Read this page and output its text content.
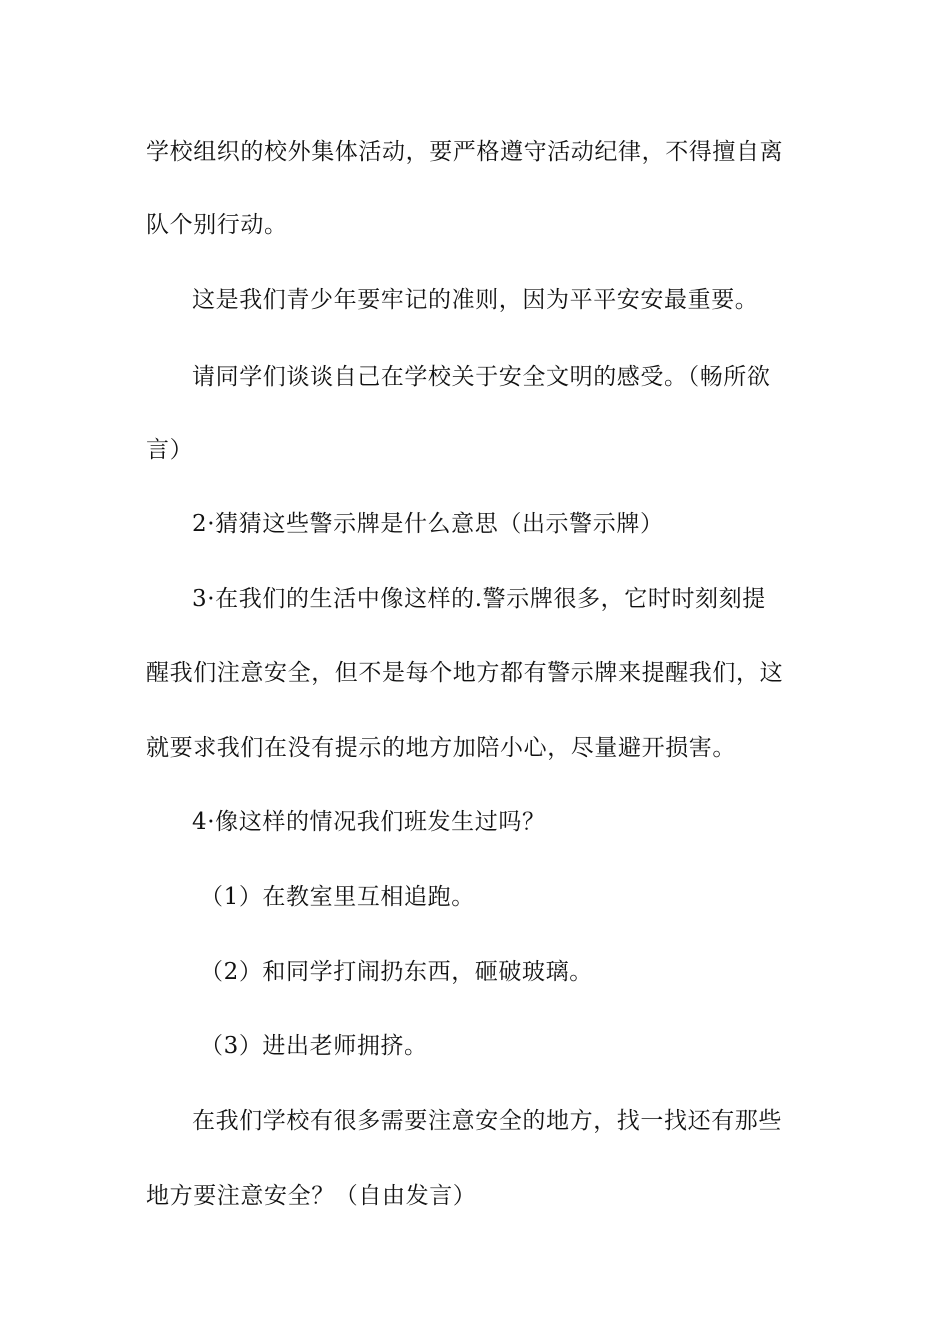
学校组织的校外集体活动，要严格遵守活动纪律，不得擅自离
队个别行动。
这是我们青少年要牢记的准则，因为平平安安最重要。
请同学们谈谈自己在学校关于安全文明的感受。（畅所欲
言）
2·猜猜这些警示牌是什么意思（出示警示牌）
3·在我们的生活中像这样的.警示牌很多，它时时刻刻提
醒我们注意安全，但不是每个地方都有警示牌来提醒我们，这
就要求我们在没有提示的地方加陪小心，尽量避开损害。
4·像这样的情况我们班发生过吗？
（1）在教室里互相追跑。
（2）和同学打闹扔东西，砸破玻璃。
（3）进出老师拥挤。
在我们学校有很多需要注意安全的地方，找一找还有那些
地方要注意安全？（自由发言）
